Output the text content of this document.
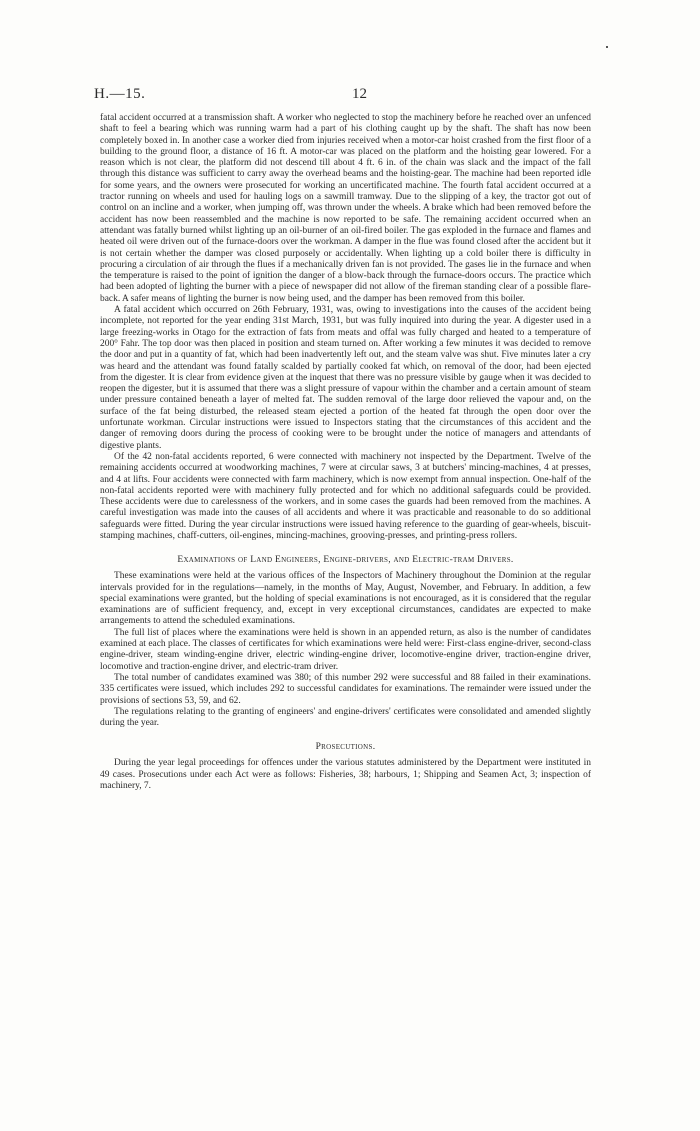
H.—15.	12

fatal accident occurred at a transmission shaft. A worker who neglected to stop the machinery before he reached over an unfenced shaft to feel a bearing which was running warm had a part of his clothing caught up by the shaft. The shaft has now been completely boxed in. In another case a worker died from injuries received when a motor-car hoist crashed from the first floor of a building to the ground floor, a distance of 16 ft. A motor-car was placed on the platform and the hoisting gear lowered. For a reason which is not clear, the platform did not descend till about 4 ft. 6 in. of the chain was slack and the impact of the fall through this distance was sufficient to carry away the overhead beams and the hoisting-gear. The machine had been reported idle for some years, and the owners were prosecuted for working an uncertificated machine. The fourth fatal accident occurred at a tractor running on wheels and used for hauling logs on a sawmill tramway. Due to the slipping of a key, the tractor got out of control on an incline and a worker, when jumping off, was thrown under the wheels. A brake which had been removed before the accident has now been reassembled and the machine is now reported to be safe. The remaining accident occurred when an attendant was fatally burned whilst lighting up an oil-burner of an oil-fired boiler. The gas exploded in the furnace and flames and heated oil were driven out of the furnace-doors over the workman. A damper in the flue was found closed after the accident but it is not certain whether the damper was closed purposely or accidentally. When lighting up a cold boiler there is difficulty in procuring a circulation of air through the flues if a mechanically driven fan is not provided. The gases lie in the furnace and when the temperature is raised to the point of ignition the danger of a blow-back through the furnace-doors occurs. The practice which had been adopted of lighting the burner with a piece of newspaper did not allow of the fireman standing clear of a possible flare-back. A safer means of lighting the burner is now being used, and the damper has been removed from this boiler.

A fatal accident which occurred on 26th February, 1931, was, owing to investigations into the causes of the accident being incomplete, not reported for the year ending 31st March, 1931, but was fully inquired into during the year. A digester used in a large freezing-works in Otago for the extraction of fats from meats and offal was fully charged and heated to a temperature of 200° Fahr. The top door was then placed in position and steam turned on. After working a few minutes it was decided to remove the door and put in a quantity of fat, which had been inadvertently left out, and the steam valve was shut. Five minutes later a cry was heard and the attendant was found fatally scalded by partially cooked fat which, on removal of the door, had been ejected from the digester. It is clear from evidence given at the inquest that there was no pressure visible by gauge when it was decided to reopen the digester, but it is assumed that there was a slight pressure of vapour within the chamber and a certain amount of steam under pressure contained beneath a layer of melted fat. The sudden removal of the large door relieved the vapour and, on the surface of the fat being disturbed, the released steam ejected a portion of the heated fat through the open door over the unfortunate workman. Circular instructions were issued to Inspectors stating that the circumstances of this accident and the danger of removing doors during the process of cooking were to be brought under the notice of managers and attendants of digestive plants.

Of the 42 non-fatal accidents reported, 6 were connected with machinery not inspected by the Department. Twelve of the remaining accidents occurred at woodworking machines, 7 were at circular saws, 3 at butchers' mincing-machines, 4 at presses, and 4 at lifts. Four accidents were connected with farm machinery, which is now exempt from annual inspection. One-half of the non-fatal accidents reported were with machinery fully protected and for which no additional safeguards could be provided. These accidents were due to carelessness of the workers, and in some cases the guards had been removed from the machines. A careful investigation was made into the causes of all accidents and where it was practicable and reasonable to do so additional safeguards were fitted. During the year circular instructions were issued having reference to the guarding of gear-wheels, biscuit-stamping machines, chaff-cutters, oil-engines, mincing-machines, grooving-presses, and printing-press rollers.

Examinations of Land Engineers, Engine-drivers, and Electric-tram Drivers.

These examinations were held at the various offices of the Inspectors of Machinery throughout the Dominion at the regular intervals provided for in the regulations—namely, in the months of May, August, November, and February. In addition, a few special examinations were granted, but the holding of special examinations is not encouraged, as it is considered that the regular examinations are of sufficient frequency, and, except in very exceptional circumstances, candidates are expected to make arrangements to attend the scheduled examinations.

The full list of places where the examinations were held is shown in an appended return, as also is the number of candidates examined at each place. The classes of certificates for which examinations were held were: First-class engine-driver, second-class engine-driver, steam winding-engine driver, electric winding-engine driver, locomotive-engine driver, traction-engine driver, locomotive and traction-engine driver, and electric-tram driver.

The total number of candidates examined was 380; of this number 292 were successful and 88 failed in their examinations. 335 certificates were issued, which includes 292 to successful candidates for examinations. The remainder were issued under the provisions of sections 53, 59, and 62.

The regulations relating to the granting of engineers' and engine-drivers' certificates were consolidated and amended slightly during the year.

Prosecutions.

During the year legal proceedings for offences under the various statutes administered by the Department were instituted in 49 cases. Prosecutions under each Act were as follows: Fisheries, 38; harbours, 1; Shipping and Seamen Act, 3; inspection of machinery, 7.
